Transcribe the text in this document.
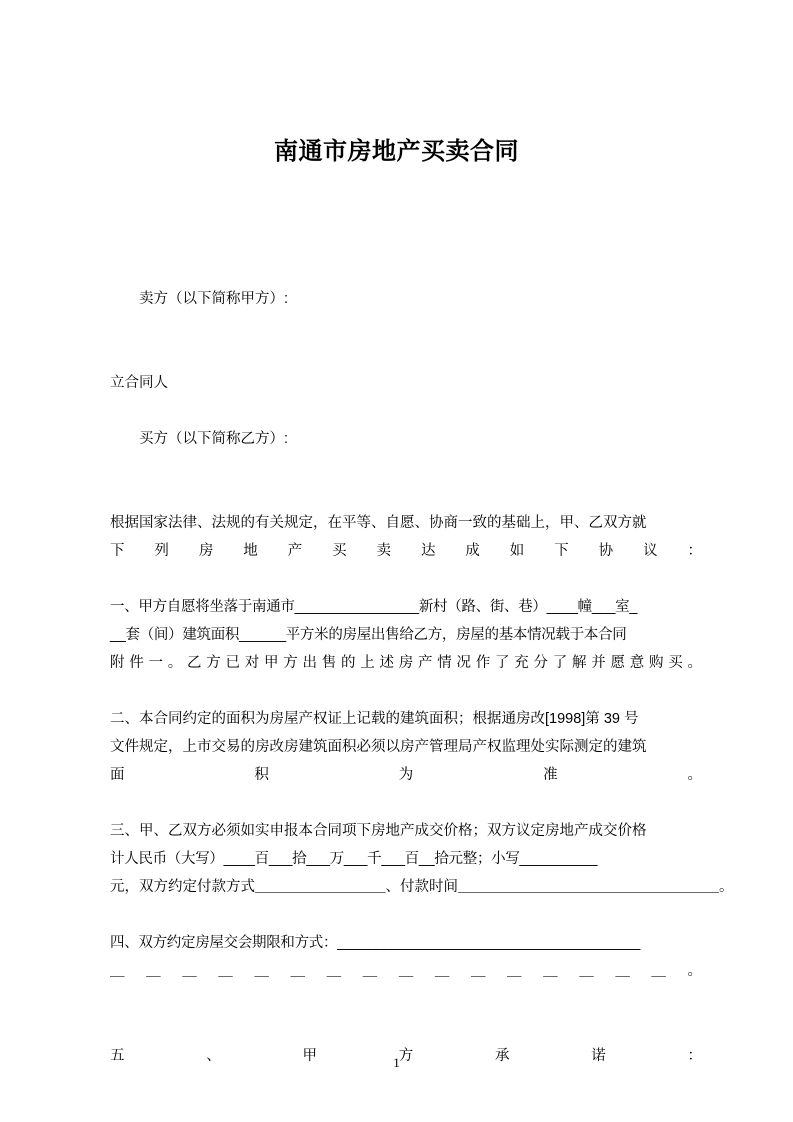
南通市房地产买卖合同

卖方（以下简称甲方）:

立合同人

买方（以下简称乙方）:

根据国家法律、法规的有关规定，在平等、自愿、协商一致的基础上，甲、乙双方就

下 列 房 地 产 买 卖 达 成 如 下 协 议 ：

一、甲方自愿将坐落于南通市________________新村（路、街、巷）____幢___室_

__套（间）建筑面积______平方米的房屋出售给乙方，房屋的基本情况载于本合同

附 件 一 。 乙 方 已 对 甲 方 出 售 的 上 述 房 产 情 况 作 了 充 分 了 解 并 愿 意 购 买 。

二、本合同约定的面积为房屋产权证上记载的建筑面积；根据通房改[1998]第 39 号

文件规定，上市交易的房改房建筑面积必须以房产管理局产权监理处实际测定的建筑

面	积	为	准	。

三、甲、乙双方必须如实申报本合同项下房地产成交价格；双方议定房地产成交价格

计人民币（大写）____百___拾___万___千___百__拾元整；小写__________

元 ， 双 方 约 定 付 款 方 式 ＿＿＿＿＿＿＿＿＿ 、 付 款 时 间 ＿＿＿＿＿＿＿＿＿＿＿＿＿＿＿＿＿＿ 。

四、双方约定房屋交会期限和方式：_______________________________________

＿ ＿ ＿ ＿ ＿ ＿ ＿ ＿ ＿ ＿ ＿ ＿ ＿ ＿ ＿ ＿ 。
五	、	甲	方	承	诺	：
1
